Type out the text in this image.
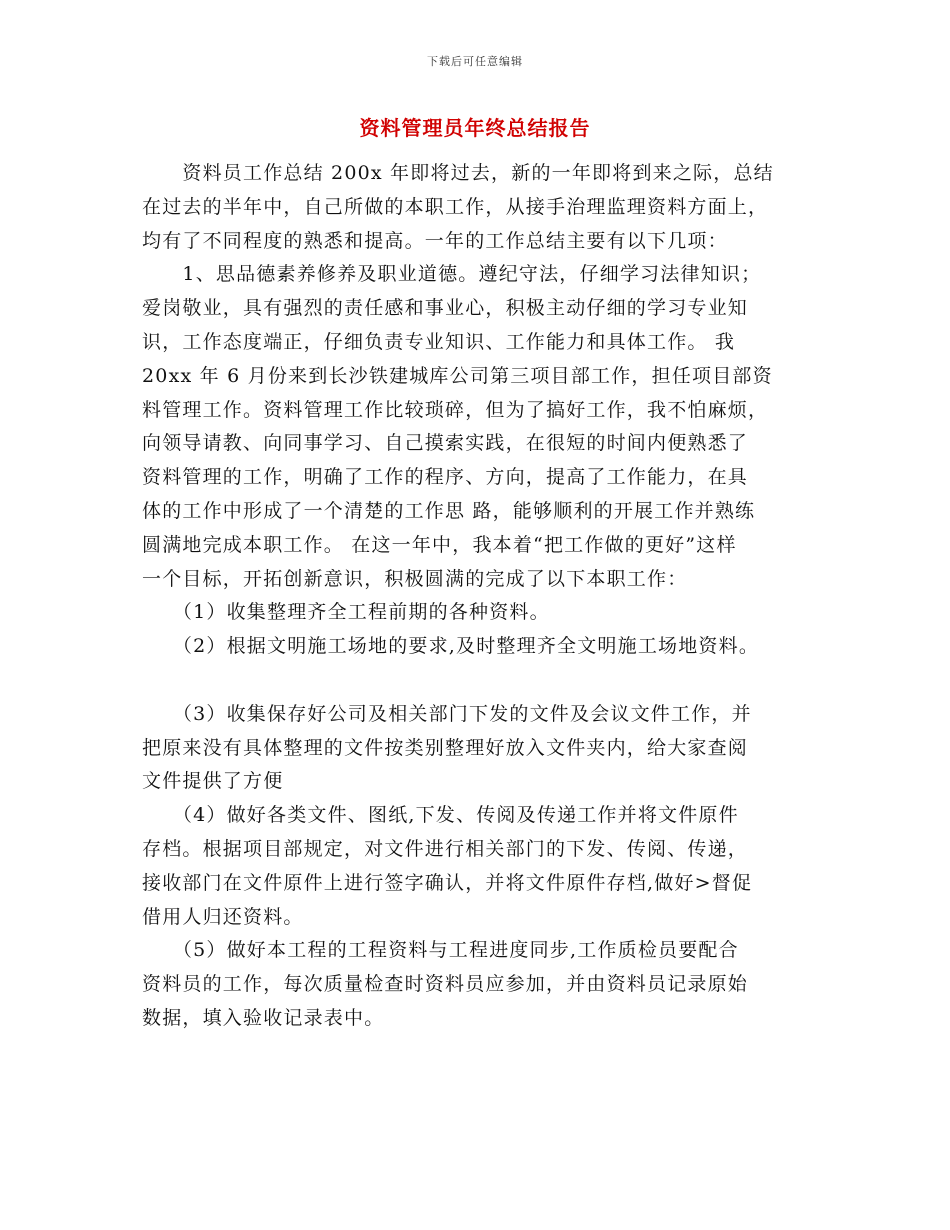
下载后可任意编辑
资料管理员年终总结报告
　　资料员工作总结 200x 年即将过去，新的一年即将到来之际，总结
在过去的半年中，自己所做的本职工作，从接手治理监理资料方面上，
均有了不同程度的熟悉和提高。一年的工作总结主要有以下几项：
　　1、思品德素养修养及职业道德。遵纪守法，仔细学习法律知识；
爱岗敬业，具有强烈的责任感和事业心，积极主动仔细的学习专业知
识，工作态度端正，仔细负责专业知识、工作能力和具体工作。 我
20xx 年 6 月份来到长沙铁建城库公司第三项目部工作，担任项目部资
料管理工作。资料管理工作比较琐碎，但为了搞好工作，我不怕麻烦，
向领导请教、向同事学习、自己摸索实践，在很短的时间内便熟悉了
资料管理的工作，明确了工作的程序、方向，提高了工作能力，在具
体的工作中形成了一个清楚的工作思 路，能够顺利的开展工作并熟练
圆满地完成本职工作。 在这一年中，我本着“把工作做的更好”这样
一个目标，开拓创新意识，积极圆满的完成了以下本职工作：
　　（1）收集整理齐全工程前期的各种资料。
　　（2）根据文明施工场地的要求,及时整理齐全文明施工场地资料。
　　（3）收集保存好公司及相关部门下发的文件及会议文件工作，并
把原来没有具体整理的文件按类别整理好放入文件夹内，给大家查阅
文件提供了方便
　　（4）做好各类文件、图纸,下发、传阅及传递工作并将文件原件
存档。根据项目部规定，对文件进行相关部门的下发、传阅、传递，
接收部门在文件原件上进行签字确认，并将文件原件存档,做好>督促
借用人归还资料。
　　（5）做好本工程的工程资料与工程进度同步,工作质检员要配合
资料员的工作，每次质量检查时资料员应参加，并由资料员记录原始
数据，填入验收记录表中。
